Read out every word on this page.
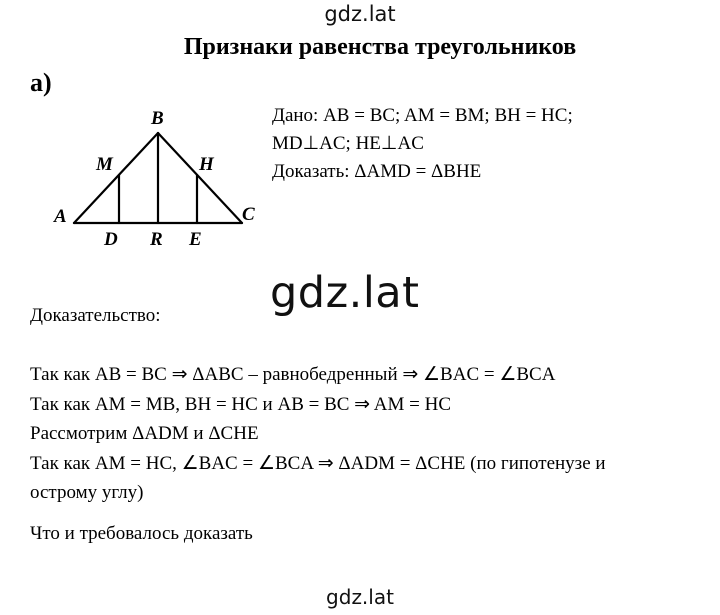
gdz.lat
Признаки равенства треугольников
а)
B
M	H
A	C
D R E
Дано: AB = BC; AM = BM; BH = HC;
MD⊥AC; HE⊥AC
Доказать: ΔAMD = ΔBHE
gdz.lat
Доказательство:
Так как AB = BC ⇒ ΔABC – равнобедренный ⇒ ∠BAC = ∠BCA
Так как AM = MB, BH = HC и AB = BC ⇒ AM = HC
Рассмотрим ΔADM и ΔCHE
Так как AM = HC, ∠BAC = ∠BCA ⇒ ΔADM = ΔCHE (по гипотенузе и
острому углу)
Что и требовалось доказать
gdz.lat
